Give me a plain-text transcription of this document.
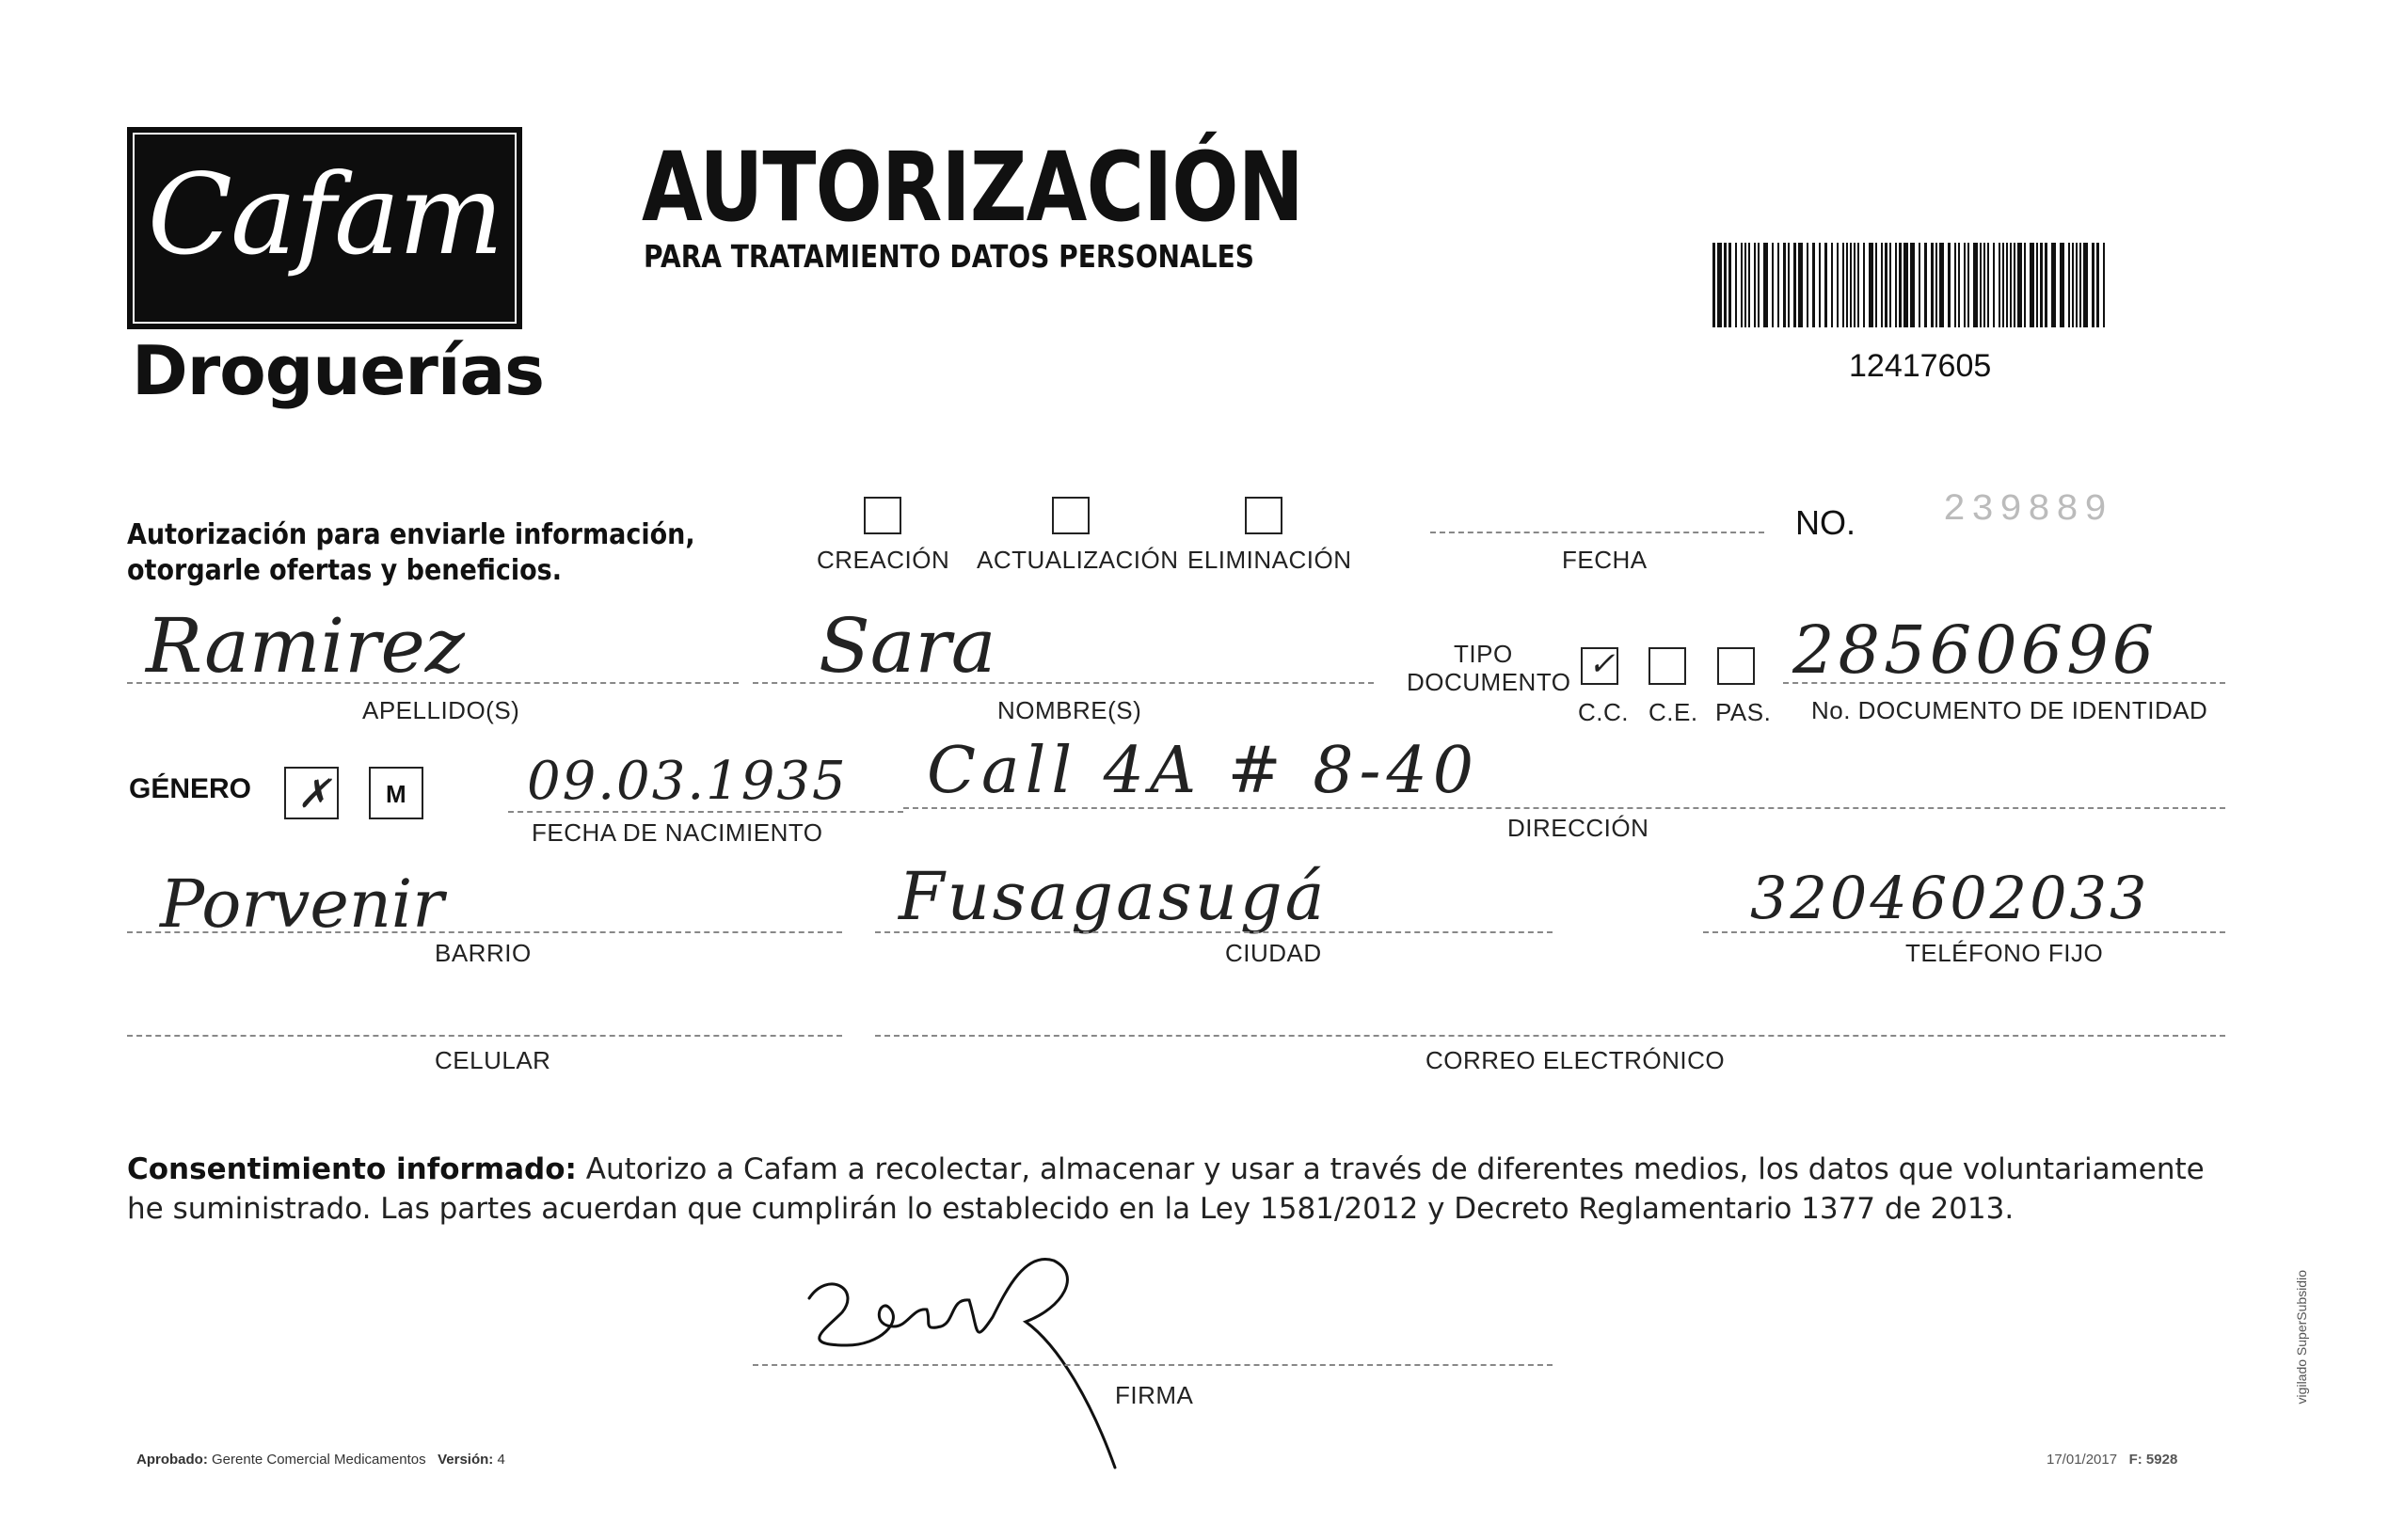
Cafam
Droguerías
AUTORIZACIÓN
PARA TRATAMIENTO DATOS PERSONALES
12417605
Autorización para enviarle información,
otorgarle ofertas y beneficios.	CREACIÓN ACTUALIZACIÓN ELIMINACIÓN	FECHA
NO. 239889
Ramirez
APELLIDO(S)
Sara
NOMBRE(S)
TIPO
DOCUMENTO ✓
C.C. C.E. PAS.
28560696
No. DOCUMENTO DE IDENTIDAD
GÉNERO ✗ M 09.03.1935
FECHA DE NACIMIENTO
Call 4A # 8-40
DIRECCIÓN
Porvenir
BARRIO
Fusagasugá
CIUDAD
3204602033
TELÉFONO FIJO
CELULAR	CORREO ELECTRÓNICO
Consentimiento informado: Autorizo a Cafam a recolectar, almacenar y usar a través de diferentes medios, los datos que voluntariamente he suministrado. Las partes acuerdan que cumplirán lo establecido en la Ley 1581/2012 y Decreto Reglamentario 1377 de 2013.
FIRMA
Aprobado: Gerente Comercial Medicamentos Versión: 4	17/01/2017 F: 5928
vigilado SuperSubsidio
